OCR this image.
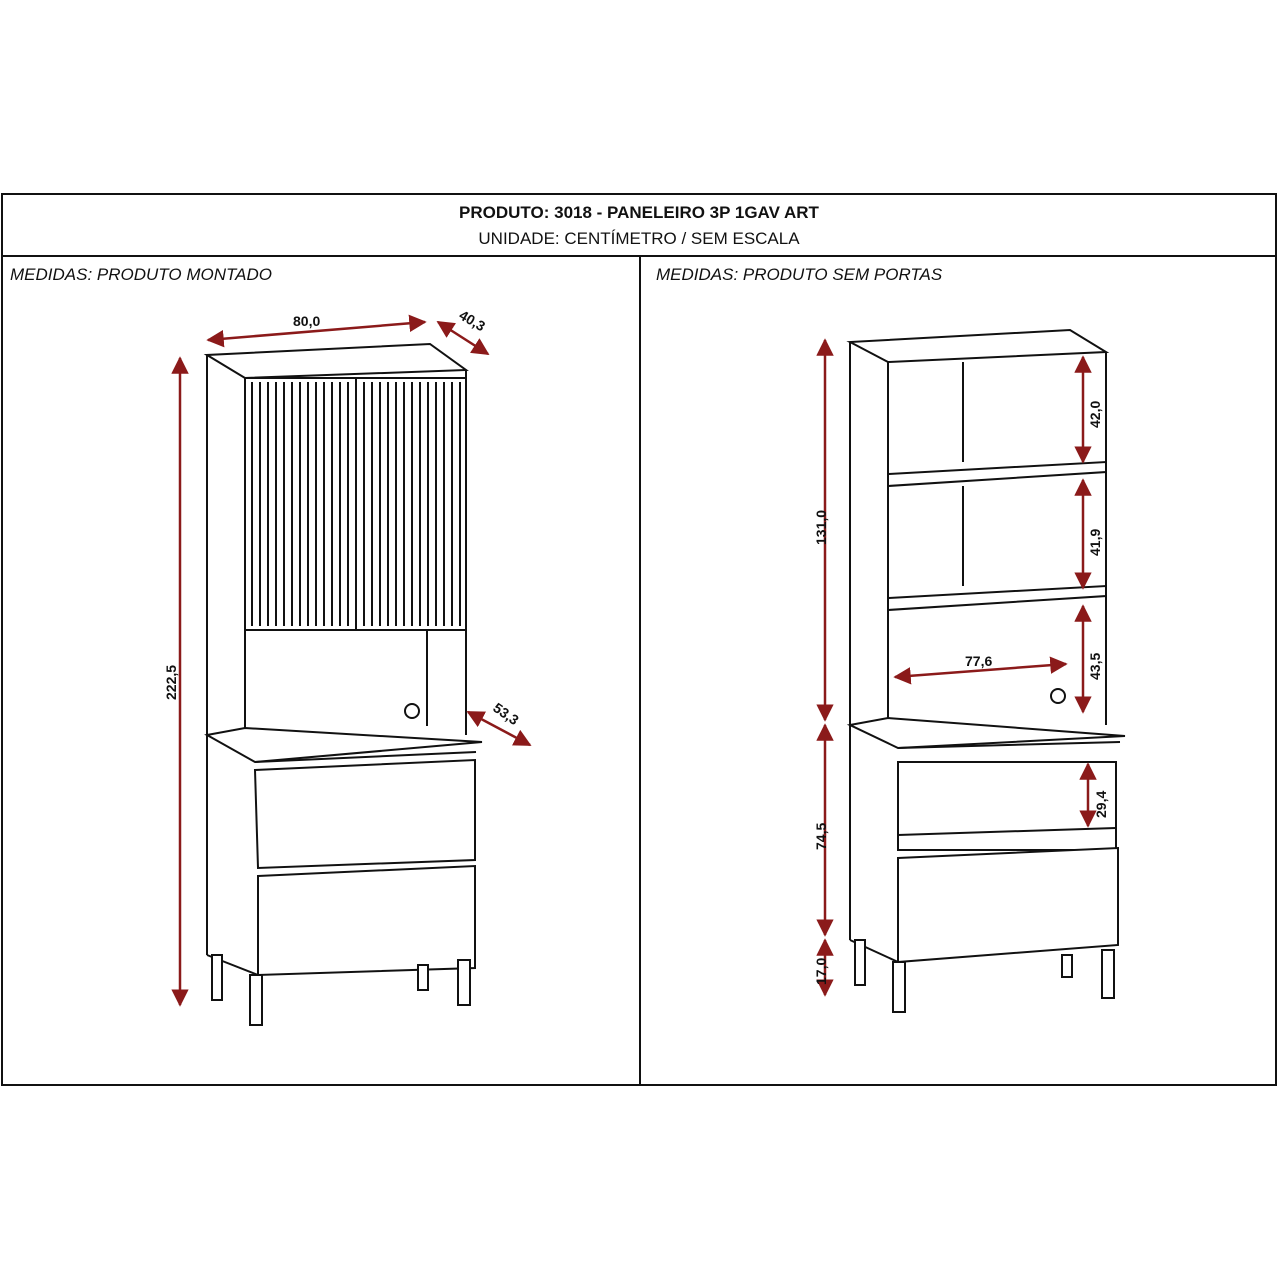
PRODUTO: 3018 - PANELEIRO 3P 1GAV ART
UNIDADE: CENTÍMETRO / SEM ESCALA
MEDIDAS: PRODUTO MONTADO	MEDIDAS: PRODUTO SEM PORTAS
80,0	40,3
222,5
53,3
131,0
42,0
41,9
43,5
77,6
29,4
74,5
17,0
